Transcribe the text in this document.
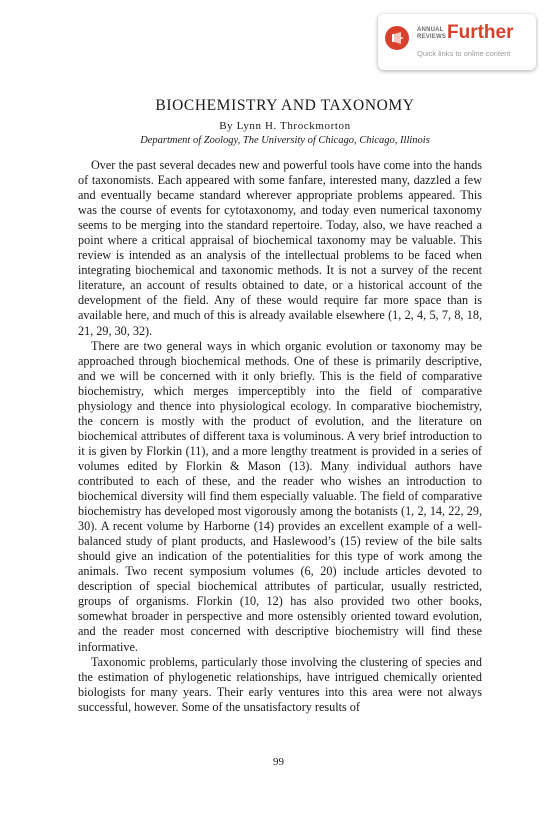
ANNUAL REVIEWS Further
Quick links to online content
BIOCHEMISTRY AND TAXONOMY
By Lynn H. Throckmorton
Department of Zoology, The University of Chicago, Chicago, Illinois

Over the past several decades new and powerful tools have come into the hands of taxonomists. Each appeared with some fanfare, interested many, dazzled a few and eventually became standard wherever appropriate problems appeared. This was the course of events for cytotaxonomy, and today even numerical taxonomy seems to be merging into the standard repertoire. Today, also, we have reached a point where a critical appraisal of biochemical taxonomy may be valuable. This review is intended as an analysis of the intellectual problems to be faced when integrating biochemical and taxonomic methods. It is not a survey of the recent literature, an account of results obtained to date, or a historical account of the development of the field. Any of these would require far more space than is available here, and much of this is already available elsewhere (1, 2, 4, 5, 7, 8, 18, 21, 29, 30, 32).

There are two general ways in which organic evolution or taxonomy may be approached through biochemical methods. One of these is primarily descriptive, and we will be concerned with it only briefly. This is the field of comparative biochemistry, which merges imperceptibly into the field of comparative physiology and thence into physiological ecology. In comparative biochemistry, the concern is mostly with the product of evolution, and the literature on biochemical attributes of different taxa is voluminous. A very brief introduction to it is given by Florkin (11), and a more lengthy treatment is provided in a series of volumes edited by Florkin & Mason (13). Many individual authors have contributed to each of these, and the reader who wishes an introduction to biochemical diversity will find them especially valuable. The field of comparative biochemistry has developed most vigorously among the botanists (1, 2, 14, 22, 29, 30). A recent volume by Harborne (14) provides an excellent example of a well-balanced study of plant products, and Haslewood’s (15) review of the bile salts should give an indication of the potentialities for this type of work among the animals. Two recent symposium volumes (6, 20) include articles devoted to description of special biochemical attributes of particular, usually restricted, groups of organisms. Florkin (10, 12) has also provided two other books, somewhat broader in perspective and more ostensibly oriented toward evolution, and the reader most concerned with descriptive biochemistry will find these informative.

Taxonomic problems, particularly those involving the clustering of species and the estimation of phylogenetic relationships, have intrigued chemically oriented biologists for many years. Their early ventures into this area were not always successful, however. Some of the unsatisfactory results of

99
